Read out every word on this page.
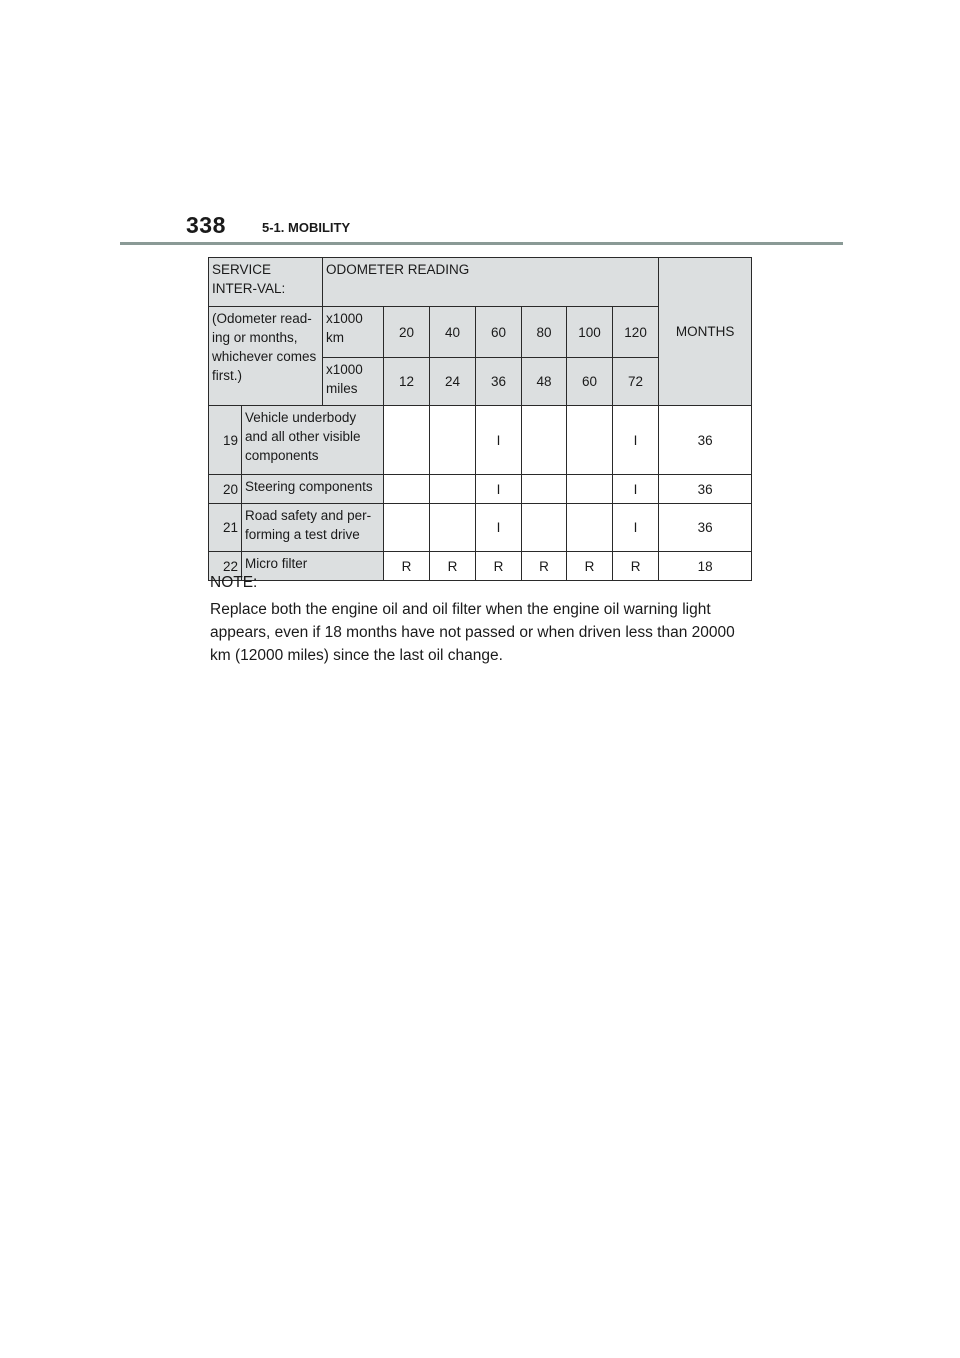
338	5-1. MOBILITY
SERVICE INTER-VAL:		ODOMETER READING							MONTHS
(Odometer read-ing or months, whichever comes first.)		x1000 km	20	40	60	80	100	120	
		x1000 miles	12	24	36	48	60	72	
19	Vehicle underbody and all other visible components				I			I	36
20	Steering components				I			I	36
21	Road safety and per-forming a test drive				I			I	36
22	Micro filter		R	R	R	R	R	R	18
NOTE:
Replace both the engine oil and oil filter when the engine oil warning light appears, even if 18 months have not passed or when driven less than 20000 km (12000 miles) since the last oil change.
